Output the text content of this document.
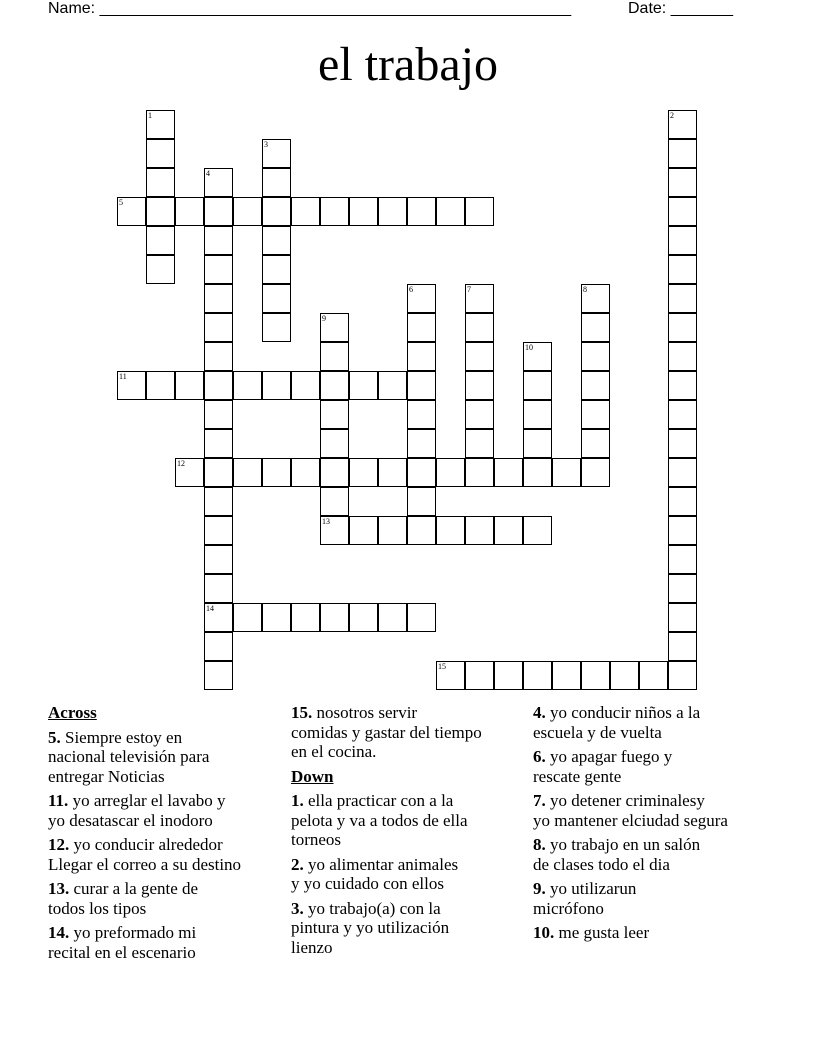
Name: _____________________________________________________	Date: _______
el trabajo
1	2
3
4
14
5
6	7	8
9
13
10
11
12
15
Across
5. Siempre estoy en
nacional televisión para
entregar Noticias
11. yo arreglar el lavabo y
yo desatascar el inodoro
12. yo conducir alrededor
Llegar el correo a su destino
13. curar a la gente de
todos los tipos
14. yo preformado mi
recital en el escenario
15. nosotros servir
comidas y gastar del tiempo
en el cocina.
Down
1. ella practicar con a la
pelota y va a todos de ella
torneos
2. yo alimentar animales
y yo cuidado con ellos
3. yo trabajo(a) con la
pintura y yo utilización
lienzo
4. yo conducir niños a la
escuela y de vuelta
6. yo apagar fuego y
rescate gente
7. yo detener criminalesy
yo mantener elciudad segura
8. yo trabajo en un salón
de clases todo el dia
9. yo utilizarun
micrófono
10. me gusta leer
